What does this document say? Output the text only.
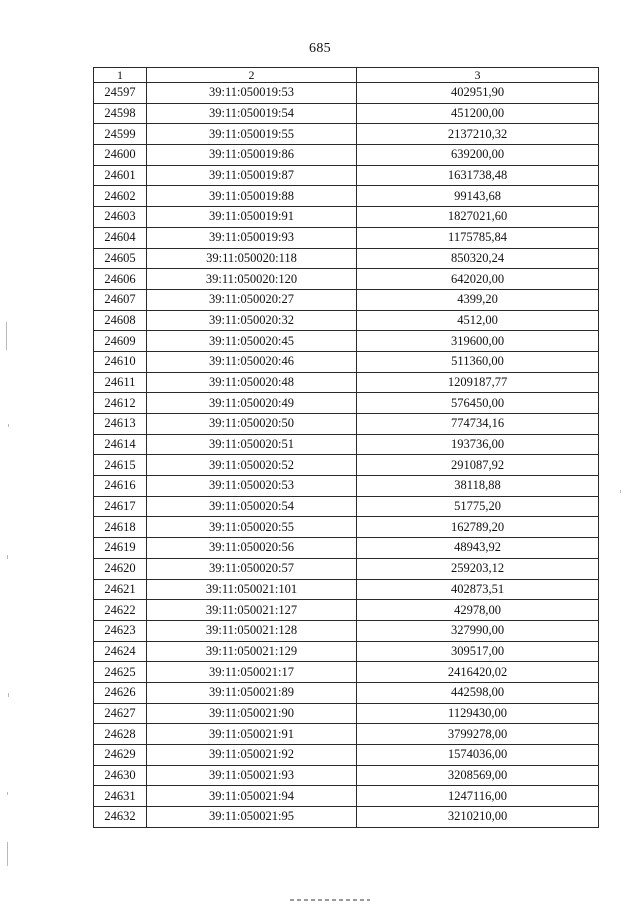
685
1	2	3
24597	39:11:050019:53	402951,90
24598	39:11:050019:54	451200,00
24599	39:11:050019:55	2137210,32
24600	39:11:050019:86	639200,00
24601	39:11:050019:87	1631738,48
24602	39:11:050019:88	99143,68
24603	39:11:050019:91	1827021,60
24604	39:11:050019:93	1175785,84
24605	39:11:050020:118	850320,24
24606	39:11:050020:120	642020,00
24607	39:11:050020:27	4399,20
24608	39:11:050020:32	4512,00
24609	39:11:050020:45	319600,00
24610	39:11:050020:46	511360,00
24611	39:11:050020:48	1209187,77
24612	39:11:050020:49	576450,00
24613	39:11:050020:50	774734,16
24614	39:11:050020:51	193736,00
24615	39:11:050020:52	291087,92
24616	39:11:050020:53	38118,88
24617	39:11:050020:54	51775,20
24618	39:11:050020:55	162789,20
24619	39:11:050020:56	48943,92
24620	39:11:050020:57	259203,12
24621	39:11:050021:101	402873,51
24622	39:11:050021:127	42978,00
24623	39:11:050021:128	327990,00
24624	39:11:050021:129	309517,00
24625	39:11:050021:17	2416420,02
24626	39:11:050021:89	442598,00
24627	39:11:050021:90	1129430,00
24628	39:11:050021:91	3799278,00
24629	39:11:050021:92	1574036,00
24630	39:11:050021:93	3208569,00
24631	39:11:050021:94	1247116,00
24632	39:11:050021:95	3210210,00
